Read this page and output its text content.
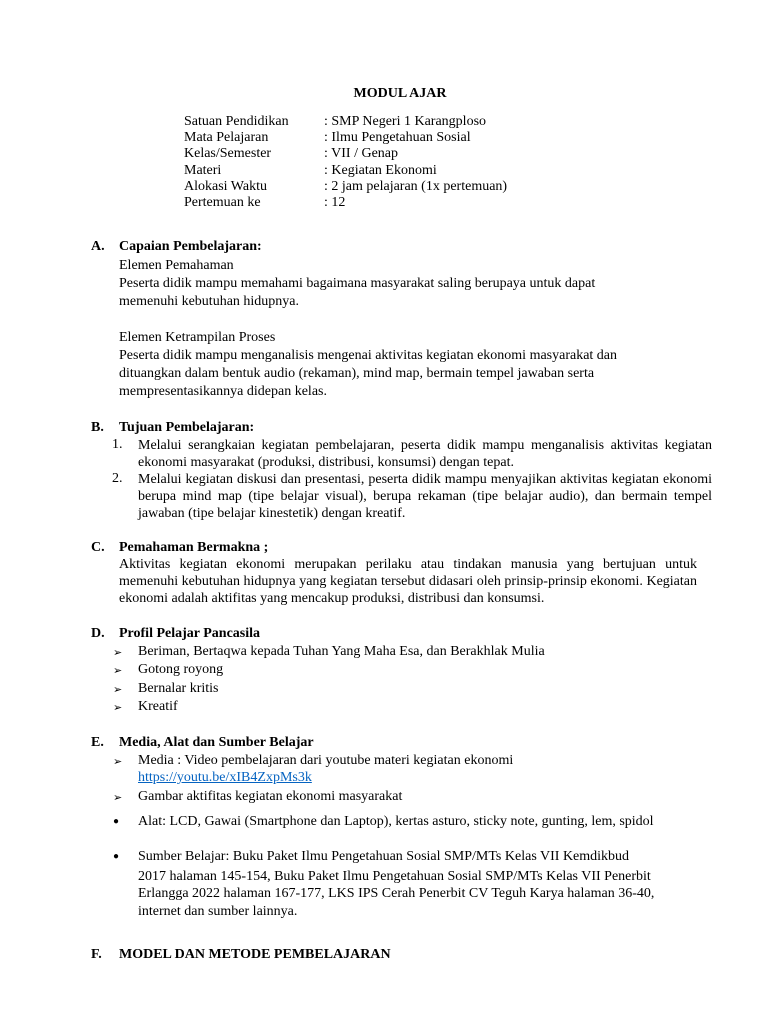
MODUL AJAR
Satuan Pendidikan	: SMP Negeri 1 Karangploso
Mata Pelajaran	: Ilmu Pengetahuan Sosial
Kelas/Semester	: VII / Genap
Materi	: Kegiatan Ekonomi
Alokasi Waktu	: 2 jam pelajaran (1x pertemuan)
Pertemuan ke	: 12
A. Capaian Pembelajaran:
Elemen Pemahaman
Peserta didik mampu memahami bagaimana masyarakat saling berupaya untuk dapat
memenuhi kebutuhan hidupnya.
Elemen Ketrampilan Proses
Peserta didik mampu menganalisis mengenai aktivitas kegiatan ekonomi masyarakat dan
dituangkan dalam bentuk audio (rekaman), mind map, bermain tempel jawaban serta
mempresentasikannya didepan kelas.
B. Tujuan Pembelajaran:
1. Melalui serangkaian kegiatan pembelajaran, peserta didik mampu menganalisis aktivitas kegiatan ekonomi masyarakat (produksi, distribusi, konsumsi) dengan tepat.
2. Melalui kegiatan diskusi dan presentasi, peserta didik mampu menyajikan aktivitas kegiatan ekonomi berupa mind map (tipe belajar visual), berupa rekaman (tipe belajar audio), dan bermain tempel jawaban (tipe belajar kinestetik) dengan kreatif.
C. Pemahaman Bermakna ;
Aktivitas kegiatan ekonomi merupakan perilaku atau tindakan manusia yang bertujuan untuk memenuhi kebutuhan hidupnya yang kegiatan tersebut didasari oleh prinsip-prinsip ekonomi. Kegiatan ekonomi adalah aktifitas yang mencakup produksi, distribusi dan konsumsi.
D. Profil Pelajar Pancasila
➢ Beriman, Bertaqwa kepada Tuhan Yang Maha Esa, dan Berakhlak Mulia
➢ Gotong royong
➢ Bernalar kritis
➢ Kreatif
E. Media, Alat dan Sumber Belajar
➢ Media : Video pembelajaran dari youtube materi kegiatan ekonomi
https://youtu.be/xIB4ZxpMs3k
➢ Gambar aktifitas kegiatan ekonomi masyarakat
● Alat: LCD, Gawai (Smartphone dan Laptop), kertas asturo, sticky note, gunting, lem, spidol
● Sumber Belajar: Buku Paket Ilmu Pengetahuan Sosial SMP/MTs Kelas VII Kemdikbud
2017 halaman 145-154, Buku Paket Ilmu Pengetahuan Sosial SMP/MTs Kelas VII Penerbit
Erlangga 2022 halaman 167-177, LKS IPS Cerah Penerbit CV Teguh Karya halaman 36-40,
internet dan sumber lainnya.
F. MODEL DAN METODE PEMBELAJARAN
